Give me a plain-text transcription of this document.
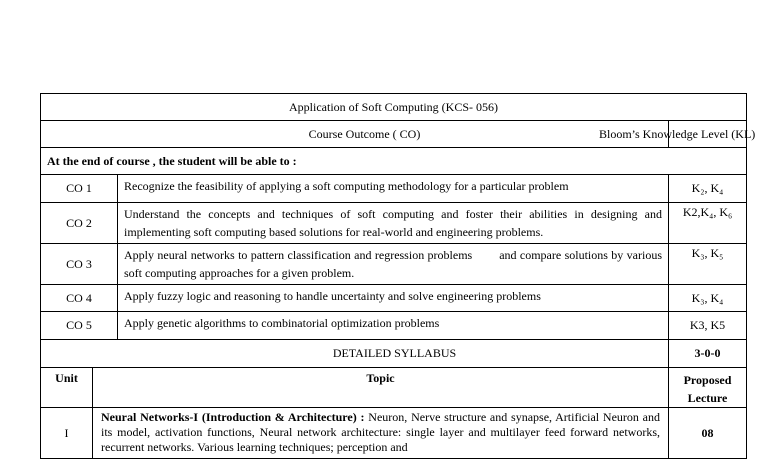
Application of Soft Computing (KCS- 056)		
Course Outcome ( CO)		Bloom’s Knowledge Level (KL)
At the end of course , the student will be able to :		
CO 1	Recognize the feasibility of applying a soft computing methodology for a particular problem	K₂, K₄
CO 2	Understand the concepts and techniques of soft computing and foster their abilities in designing and implementing soft computing based solutions for real-world and engineering problems.	K2,K₄, K₆
CO 3	Apply neural networks to pattern classification and regression problems        and compare solutions by various soft computing approaches for a given problem.	K₃, K₅
CO 4	Apply fuzzy logic and reasoning to handle uncertainty and solve engineering problems	K₃, K₄
CO 5	Apply genetic algorithms to combinatorial optimization problems	K3, K5
DETAILED SYLLABUS		3-0-0
Unit	Topic	Proposed
Lecture

I	Neural Networks-I (Introduction & Architecture) : Neuron, Nerve structure and synapse, Artificial Neuron and its model, activation functions, Neural network architecture: single layer and multilayer feed forward networks, recurrent networks. Various learning techniques; perception and	08
